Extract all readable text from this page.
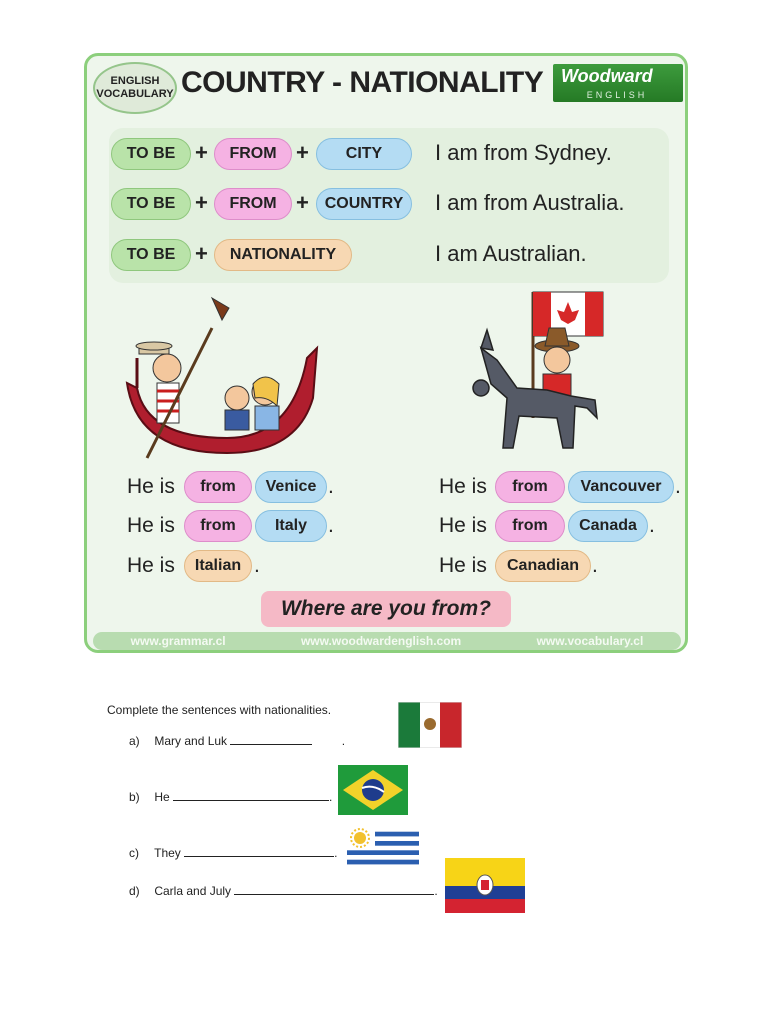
ENGLISH
VOCABULARY COUNTRY - NATIONALITY Woodward
ENGLISH
TO BE +	FROM +	CITY	I am from Sydney.
TO BE +	FROM + COUNTRY	I am from Australia.
TO BE +	NATIONALITY	I am Australian.
He is	from	Venice .
He is	from	Italy	.
He is	Italian .
He is	from	Vancouver .
He is	from	Canada .
He is	Canadian .
Where are you from?
www.grammar.cl	www.woodwardenglish.com	www.vocabulary.cl
Complete the sentences with nationalities.
a) Mary and Luk	.
b) He	.
c) They	.
d) Carla and July	.
